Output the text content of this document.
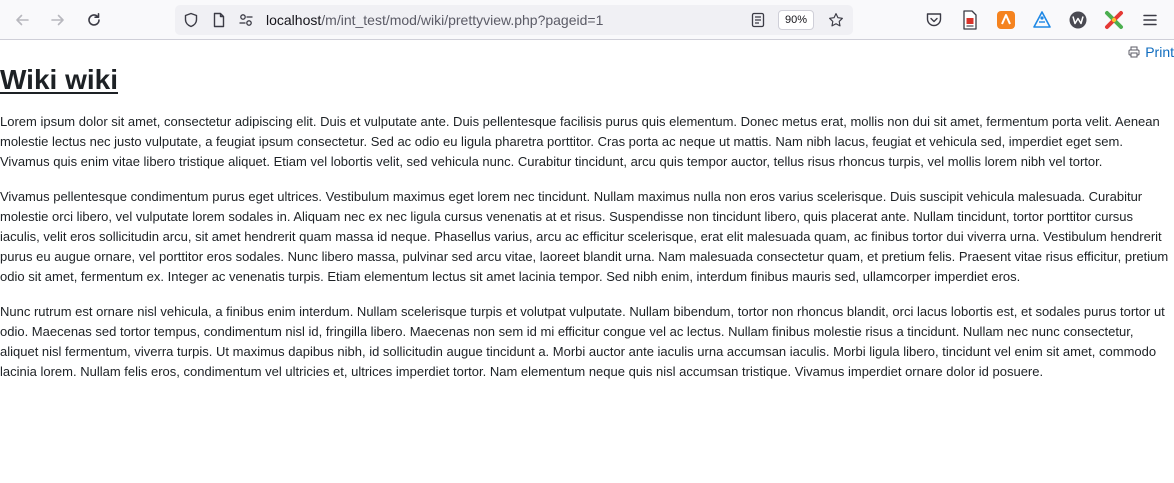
localhost/m/int_test/mod/wiki/prettyview.php?pageid=1	90%
Print
Wiki wiki

Lorem ipsum dolor sit amet, consectetur adipiscing elit. Duis et vulputate ante. Duis pellentesque facilisis purus quis elementum. Donec metus erat, mollis non dui sit amet, fermentum porta velit. Aenean molestie lectus nec justo vulputate, a feugiat ipsum consectetur. Sed ac odio eu ligula pharetra porttitor. Cras porta ac neque ut mattis. Nam nibh lacus, feugiat et vehicula sed, imperdiet eget sem. Vivamus quis enim vitae libero tristique aliquet. Etiam vel lobortis velit, sed vehicula nunc. Curabitur tincidunt, arcu quis tempor auctor, tellus risus rhoncus turpis, vel mollis lorem nibh vel tortor.

Vivamus pellentesque condimentum purus eget ultrices. Vestibulum maximus eget lorem nec tincidunt. Nullam maximus nulla non eros varius scelerisque. Duis suscipit vehicula malesuada. Curabitur molestie orci libero, vel vulputate lorem sodales in. Aliquam nec ex nec ligula cursus venenatis at et risus. Suspendisse non tincidunt libero, quis placerat ante. Nullam tincidunt, tortor porttitor cursus iaculis, velit eros sollicitudin arcu, sit amet hendrerit quam massa id neque. Phasellus varius, arcu ac efficitur scelerisque, erat elit malesuada quam, ac finibus tortor dui viverra urna. Vestibulum hendrerit purus eu augue ornare, vel porttitor eros sodales. Nunc libero massa, pulvinar sed arcu vitae, laoreet blandit urna. Nam malesuada consectetur quam, et pretium felis. Praesent vitae risus efficitur, pretium odio sit amet, fermentum ex. Integer ac venenatis turpis. Etiam elementum lectus sit amet lacinia tempor. Sed nibh enim, interdum finibus mauris sed, ullamcorper imperdiet eros.

Nunc rutrum est ornare nisl vehicula, a finibus enim interdum. Nullam scelerisque turpis et volutpat vulputate. Nullam bibendum, tortor non rhoncus blandit, orci lacus lobortis est, et sodales purus tortor ut odio. Maecenas sed tortor tempus, condimentum nisl id, fringilla libero. Maecenas non sem id mi efficitur congue vel ac lectus. Nullam finibus molestie risus a tincidunt. Nullam nec nunc consectetur, aliquet nisl fermentum, viverra turpis. Ut maximus dapibus nibh, id sollicitudin augue tincidunt a. Morbi auctor ante iaculis urna accumsan iaculis. Morbi ligula libero, tincidunt vel enim sit amet, commodo lacinia lorem. Nullam felis eros, condimentum vel ultricies et, ultrices imperdiet tortor. Nam elementum neque quis nisl accumsan tristique. Vivamus imperdiet ornare dolor id posuere.
